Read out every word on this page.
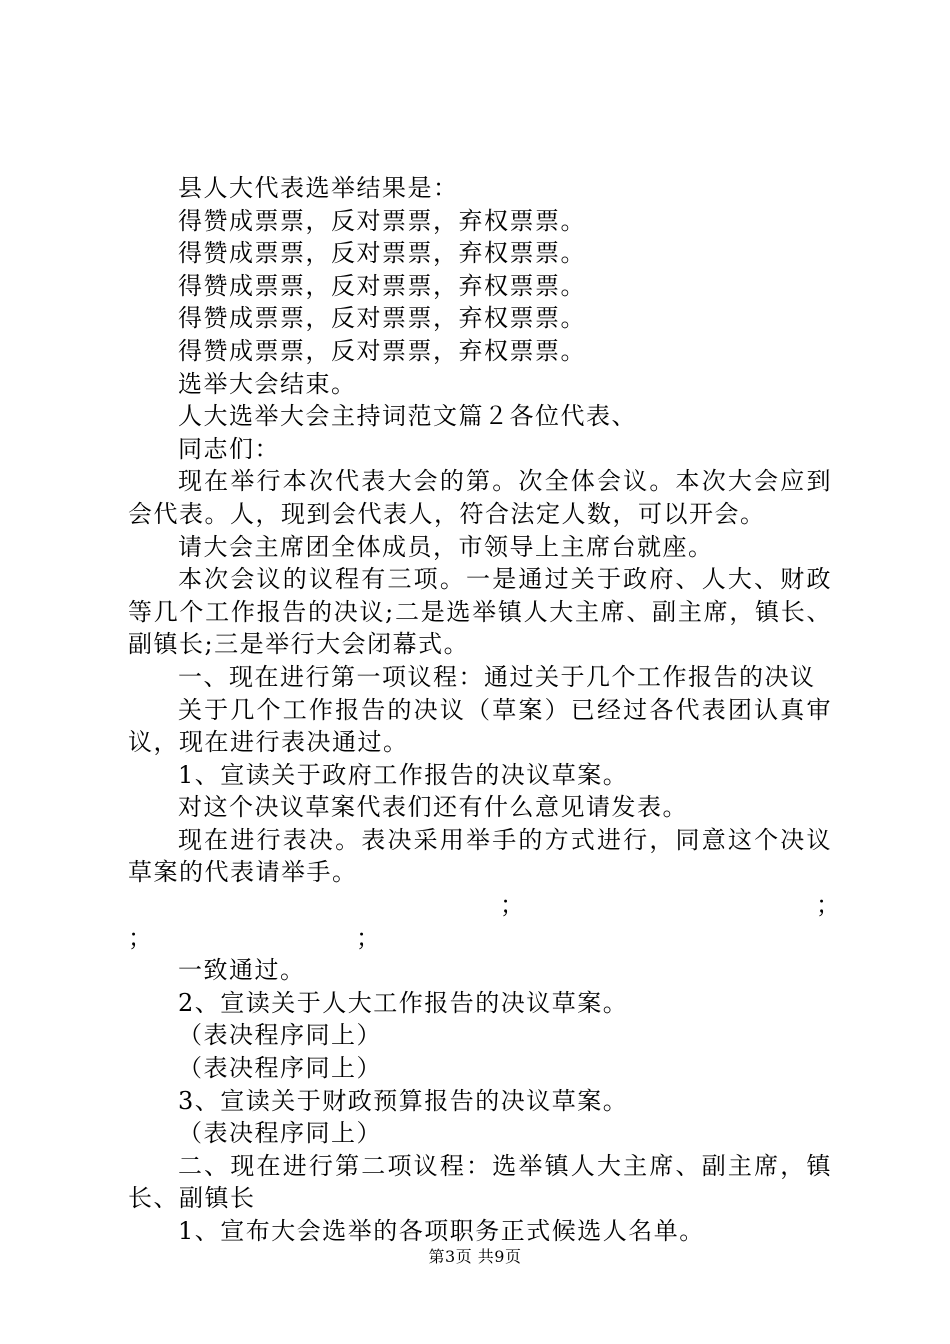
县人大代表选举结果是：

得赞成票票，反对票票，弃权票票。

得赞成票票，反对票票，弃权票票。

得赞成票票，反对票票，弃权票票。

得赞成票票，反对票票，弃权票票。

得赞成票票，反对票票，弃权票票。

选举大会结束。

人大选举大会主持词范文篇２各位代表、

同志们：

现在举行本次代表大会的第。次全体会议。本次大会应到会代表。人，现到会代表人，符合法定人数，可以开会。

请大会主席团全体成员，市领导上主席台就座。

本次会议的议程有三项。一是通过关于政府、人大、财政等几个工作报告的决议;二是选举镇人大主席、副主席，镇长、副镇长;三是举行大会闭幕式。

一、现在进行第一项议程：通过关于几个工作报告的决议

关于几个工作报告的决议（草案）已经过各代表团认真审议，现在进行表决通过。

1、宣读关于政府工作报告的决议草案。

对这个决议草案代表们还有什么意见请发表。

现在进行表决。表决采用举手的方式进行，同意这个决议草案的代表请举手。

；	；
；	；

一致通过。

2、宣读关于人大工作报告的决议草案。

（表决程序同上）

（表决程序同上）

3、宣读关于财政预算报告的决议草案。

（表决程序同上）

二、现在进行第二项议程：选举镇人大主席、副主席，镇长、副镇长

1、宣布大会选举的各项职务正式候选人名单。

第3页 共9页
